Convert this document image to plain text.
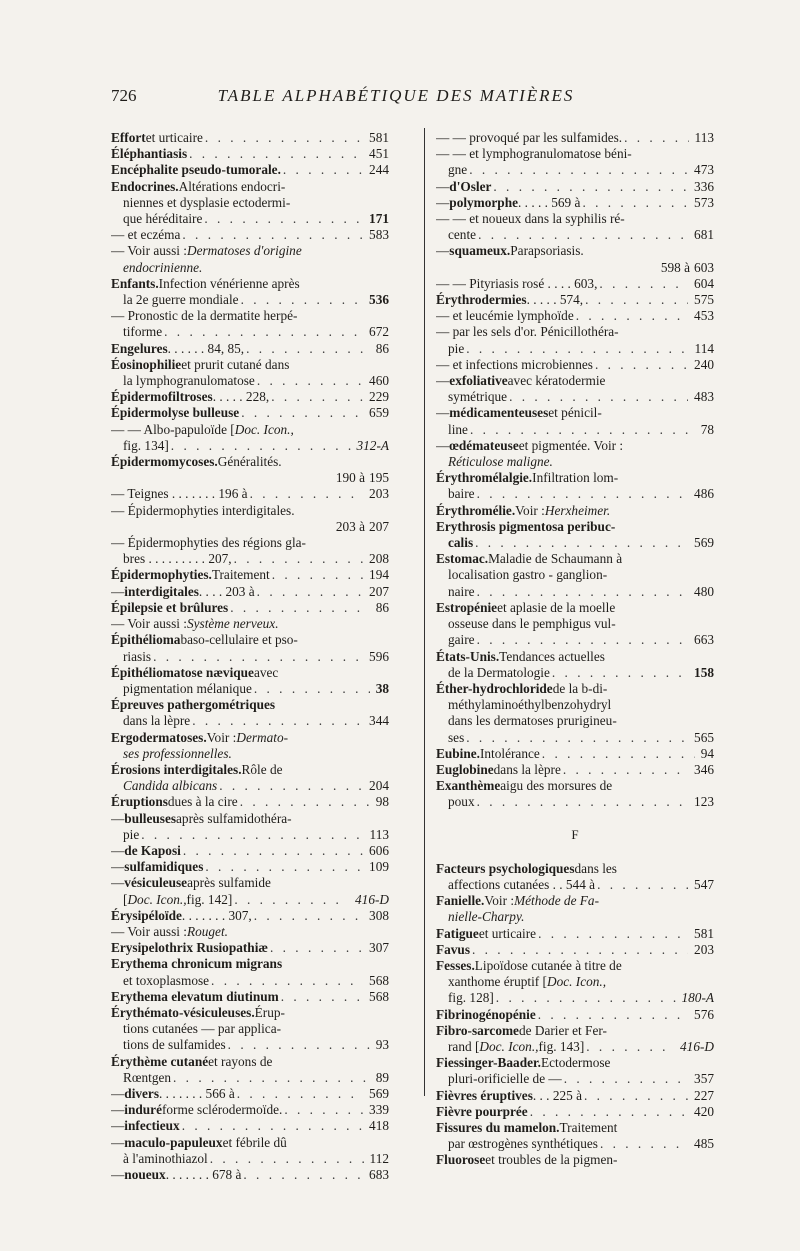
726	TABLE ALPHABÉTIQUE DES MATIÈRES
Effort et urticaire . . .	581
Éléphantiasis . . .	451
Encéphalite pseudo-tumorale. . . .	244
Endocrines. Altérations endocri-
niennes et dysplasie ectodermi-
que héréditaire . . .	171
— et eczéma . . .	583
— Voir aussi : Dermatoses d'origine
endocrinienne.
Enfants. Infection vénérienne après
la 2e guerre mondiale . . .	536
— Pronostic de la dermatite herpé-
tiforme . . .	672
Engelures . . . . . . 84, 85, . . .	86
Éosinophilie et prurit cutané dans
la lymphogranulomatose . . .	460
Épidermofiltroses . . . . . 228, . . .	229
Épidermolyse bulleuse . . .	659
— — Albo-papuloïde [ Doc. Icon.,
fig. 134] . . .	312-A
Épidermomycoses. Généralités.
190 à 195
— Teignes . . . . . . . 196 à . . .	203
— Épidermophyties interdigitales.
203 à 207
— Épidermophyties des régions gla-
bres . . . . . . . . . 207, . . .	208
Épidermophyties. Traitement . . .	194
— interdigitales . . . . 203 à . . .	207
Épilepsie et brûlures . . .	86
— Voir aussi : Système nerveux.
Épithélioma baso-cellulaire et pso-
riasis . . .	596
Épithéliomatose nævique avec
pigmentation mélanique . . .	38
Épreuves pathergométriques
dans la lèpre . . .	344
Ergodermatoses. Voir : Dermato-
ses professionnelles.
Érosions interdigitales. Rôle de
Candida albicans . . .	204
Éruptions dues à la cire . . .	98
— bulleuses après sulfamidothéra-
pie . . .	113
— de Kaposi . . .	606
— sulfamidiques . . .	109
— vésiculeuse après sulfamide
[ Doc. Icon., fig. 142] . . .	416-D
Érysipéloïde . . . . . . . 307, . . .	308
— Voir aussi : Rouget.
Erysipelothrix Rusiopathiæ . . .	307
Erythema chronicum migrans
et toxoplasmose . . .	568
Erythema elevatum diutinum . . .	568
Érythémato-vésiculeuses. Érup-
tions cutanées — par applica-
tions de sulfamides . . .	93
Érythème cutané et rayons de
Rœntgen . . .	89
— divers . . . . . . . 566 à . . .	569
— induré forme sclérodermoïde. . . .	339
— infectieux . . .	418
— maculo-papuleux et fébrile dû
à l'aminothiazol . . .	112
— noueux . . . . . . . 678 à . . .	683
— — provoqué par les sulfamides. . . .	113
— — et lymphogranulomatose béni-
gne . . .	473
— d'Osler . . .	336
— polymorphe . . . . . 569 à . . .	573
— — et noueux dans la syphilis ré-
cente . . .	681
— squameux. Parapsoriasis.
598 à 603
— — Pityriasis rosé . . . . 603, . . .	604
Érythrodermies . . . . . 574, . . .	575
— et leucémie lymphoïde . . .	453
— par les sels d'or. Pénicillothéra-
pie . . .	114
— et infections microbiennes . . .	240
— exfoliative avec kératodermie
symétrique . . .	483
— médicamenteuses et pénicil-
line . . .	78
— œdémateuse et pigmentée. Voir :
Réticulose maligne.
Érythromélalgie. Infiltration lom-
baire . . .	486
Érythromélie. Voir : Herxheimer.
Erythrosis pigmentosa peribuc-
calis . . .	569
Estomac. Maladie de Schaumann à
localisation gastro - ganglion-
naire . . .	480
Estropénie et aplasie de la moelle
osseuse dans le pemphigus vul-
gaire . . .	663
États-Unis. Tendances actuelles
de la Dermatologie . . .	158
Éther-hydrochloride de la b-di-
méthylaminoéthylbenzohydryl
dans les dermatoses prurigineu-
ses . . .	565
Eubine. Intolérance . . .	94
Euglobine dans la lèpre . . .	346
Exanthème aigu des morsures de
poux . . .	123
F
Facteurs psychologiques dans les
affections cutanées . . 544 à . . .	547
Fanielle. Voir : Méthode de Fa-
nielle-Charpy.
Fatigue et urticaire . . .	581
Favus . . .	203
Fesses. Lipoïdose cutanée à titre de
xanthome éruptif [ Doc. Icon.,
fig. 128] . . .	180-A
Fibrinogénopénie . . .	576
Fibro-sarcome de Darier et Fer-
rand [ Doc. Icon., fig. 143] . . .	416-D
Fiessinger-Baader. Ectodermose
pluri-orificielle de — . . .	357
Fièvres éruptives . . . 225 à . . .	227
Fièvre pourprée . . .	420
Fissures du mamelon. Traitement
par œstrogènes synthétiques . . .	485
Fluorose et troubles de la pigmen-
